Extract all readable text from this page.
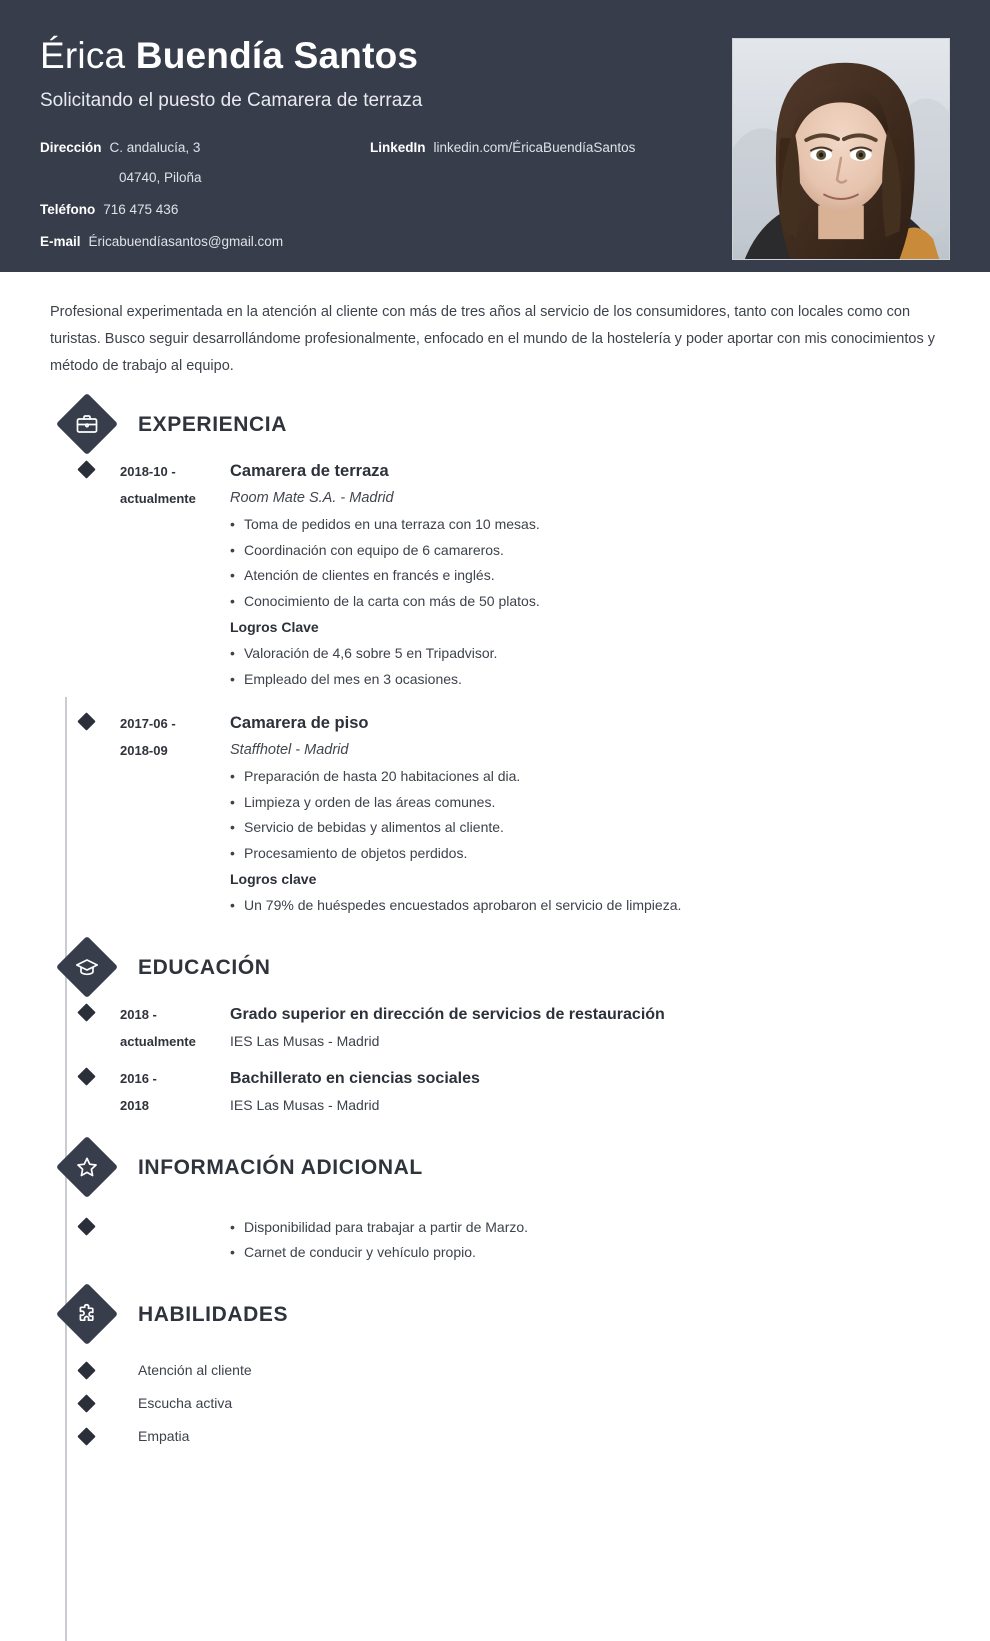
Érica Buendía Santos
Solicitando el puesto de Camarera de terraza
Dirección C. andalucía, 3
04740, Piloña
Teléfono 716 475 436
E-mail Éricabuendíasantos@gmail.com
LinkedIn linkedin.com/ÉricaBuendíaSantos

Profesional experimentada en la atención al cliente con más de tres años al servicio de los consumidores, tanto con locales como con turistas. Busco seguir desarrollándome profesionalmente, enfocado en el mundo de la hostelería y poder aportar con mis conocimientos y método de trabajo al equipo.

EXPERIENCIA
2018-10 -
actualmente
Camarera de terraza
Room Mate S.A. - Madrid
• Toma de pedidos en una terraza con 10 mesas.
• Coordinación con equipo de 6 camareros.
• Atención de clientes en francés e inglés.
• Conocimiento de la carta con más de 50 platos.
Logros Clave
• Valoración de 4,6 sobre 5 en Tripadvisor.
• Empleado del mes en 3 ocasiones.
2017-06 -
2018-09
Camarera de piso
Staffhotel - Madrid
• Preparación de hasta 20 habitaciones al dia.
• Limpieza y orden de las áreas comunes.
• Servicio de bebidas y alimentos al cliente.
• Procesamiento de objetos perdidos.
Logros clave
• Un 79% de huéspedes encuestados aprobaron el servicio de limpieza.
EDUCACIÓN
2018 -
actualmente
Grado superior en dirección de servicios de restauración
IES Las Musas - Madrid
2016 -
2018
Bachillerato en ciencias sociales
IES Las Musas - Madrid
INFORMACIÓN ADICIONAL
• Disponibilidad para trabajar a partir de Marzo.
• Carnet de conducir y vehículo propio.
HABILIDADES
Atención al cliente
Escucha activa
Empatia
